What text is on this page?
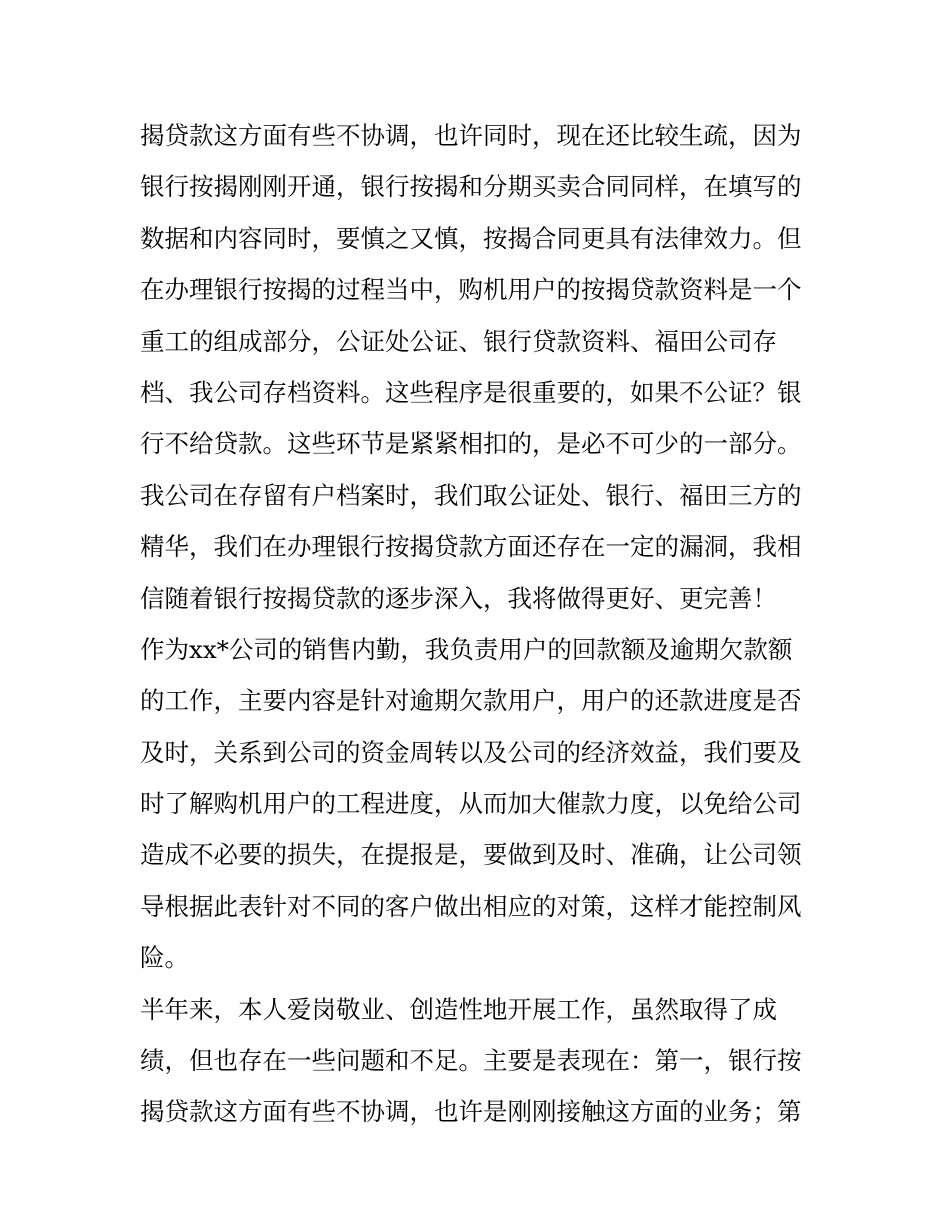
揭贷款这方面有些不协调，也许同时，现在还比较生疏，因为
银行按揭刚刚开通，银行按揭和分期买卖合同同样，在填写的
数据和内容同时，要慎之又慎，按揭合同更具有法律效力。但
在办理银行按揭的过程当中，购机用户的按揭贷款资料是一个
重工的组成部分，公证处公证、银行贷款资料、福田公司存
档、我公司存档资料。这些程序是很重要的，如果不公证？银
行不给贷款。这些环节是紧紧相扣的，是必不可少的一部分。
我公司在存留有户档案时，我们取公证处、银行、福田三方的
精华，我们在办理银行按揭贷款方面还存在一定的漏洞，我相
信随着银行按揭贷款的逐步深入，我将做得更好、更完善！
作为xx*公司的销售内勤，我负责用户的回款额及逾期欠款额
的工作，主要内容是针对逾期欠款用户，用户的还款进度是否
及时，关系到公司的资金周转以及公司的经济效益，我们要及
时了解购机用户的工程进度，从而加大催款力度，以免给公司
造成不必要的损失，在提报是，要做到及时、准确，让公司领
导根据此表针对不同的客户做出相应的对策，这样才能控制风
险。
半年来，本人爱岗敬业、创造性地开展工作，虽然取得了成
绩，但也存在一些问题和不足。主要是表现在：第一，银行按
揭贷款这方面有些不协调，也许是刚刚接触这方面的业务；第
